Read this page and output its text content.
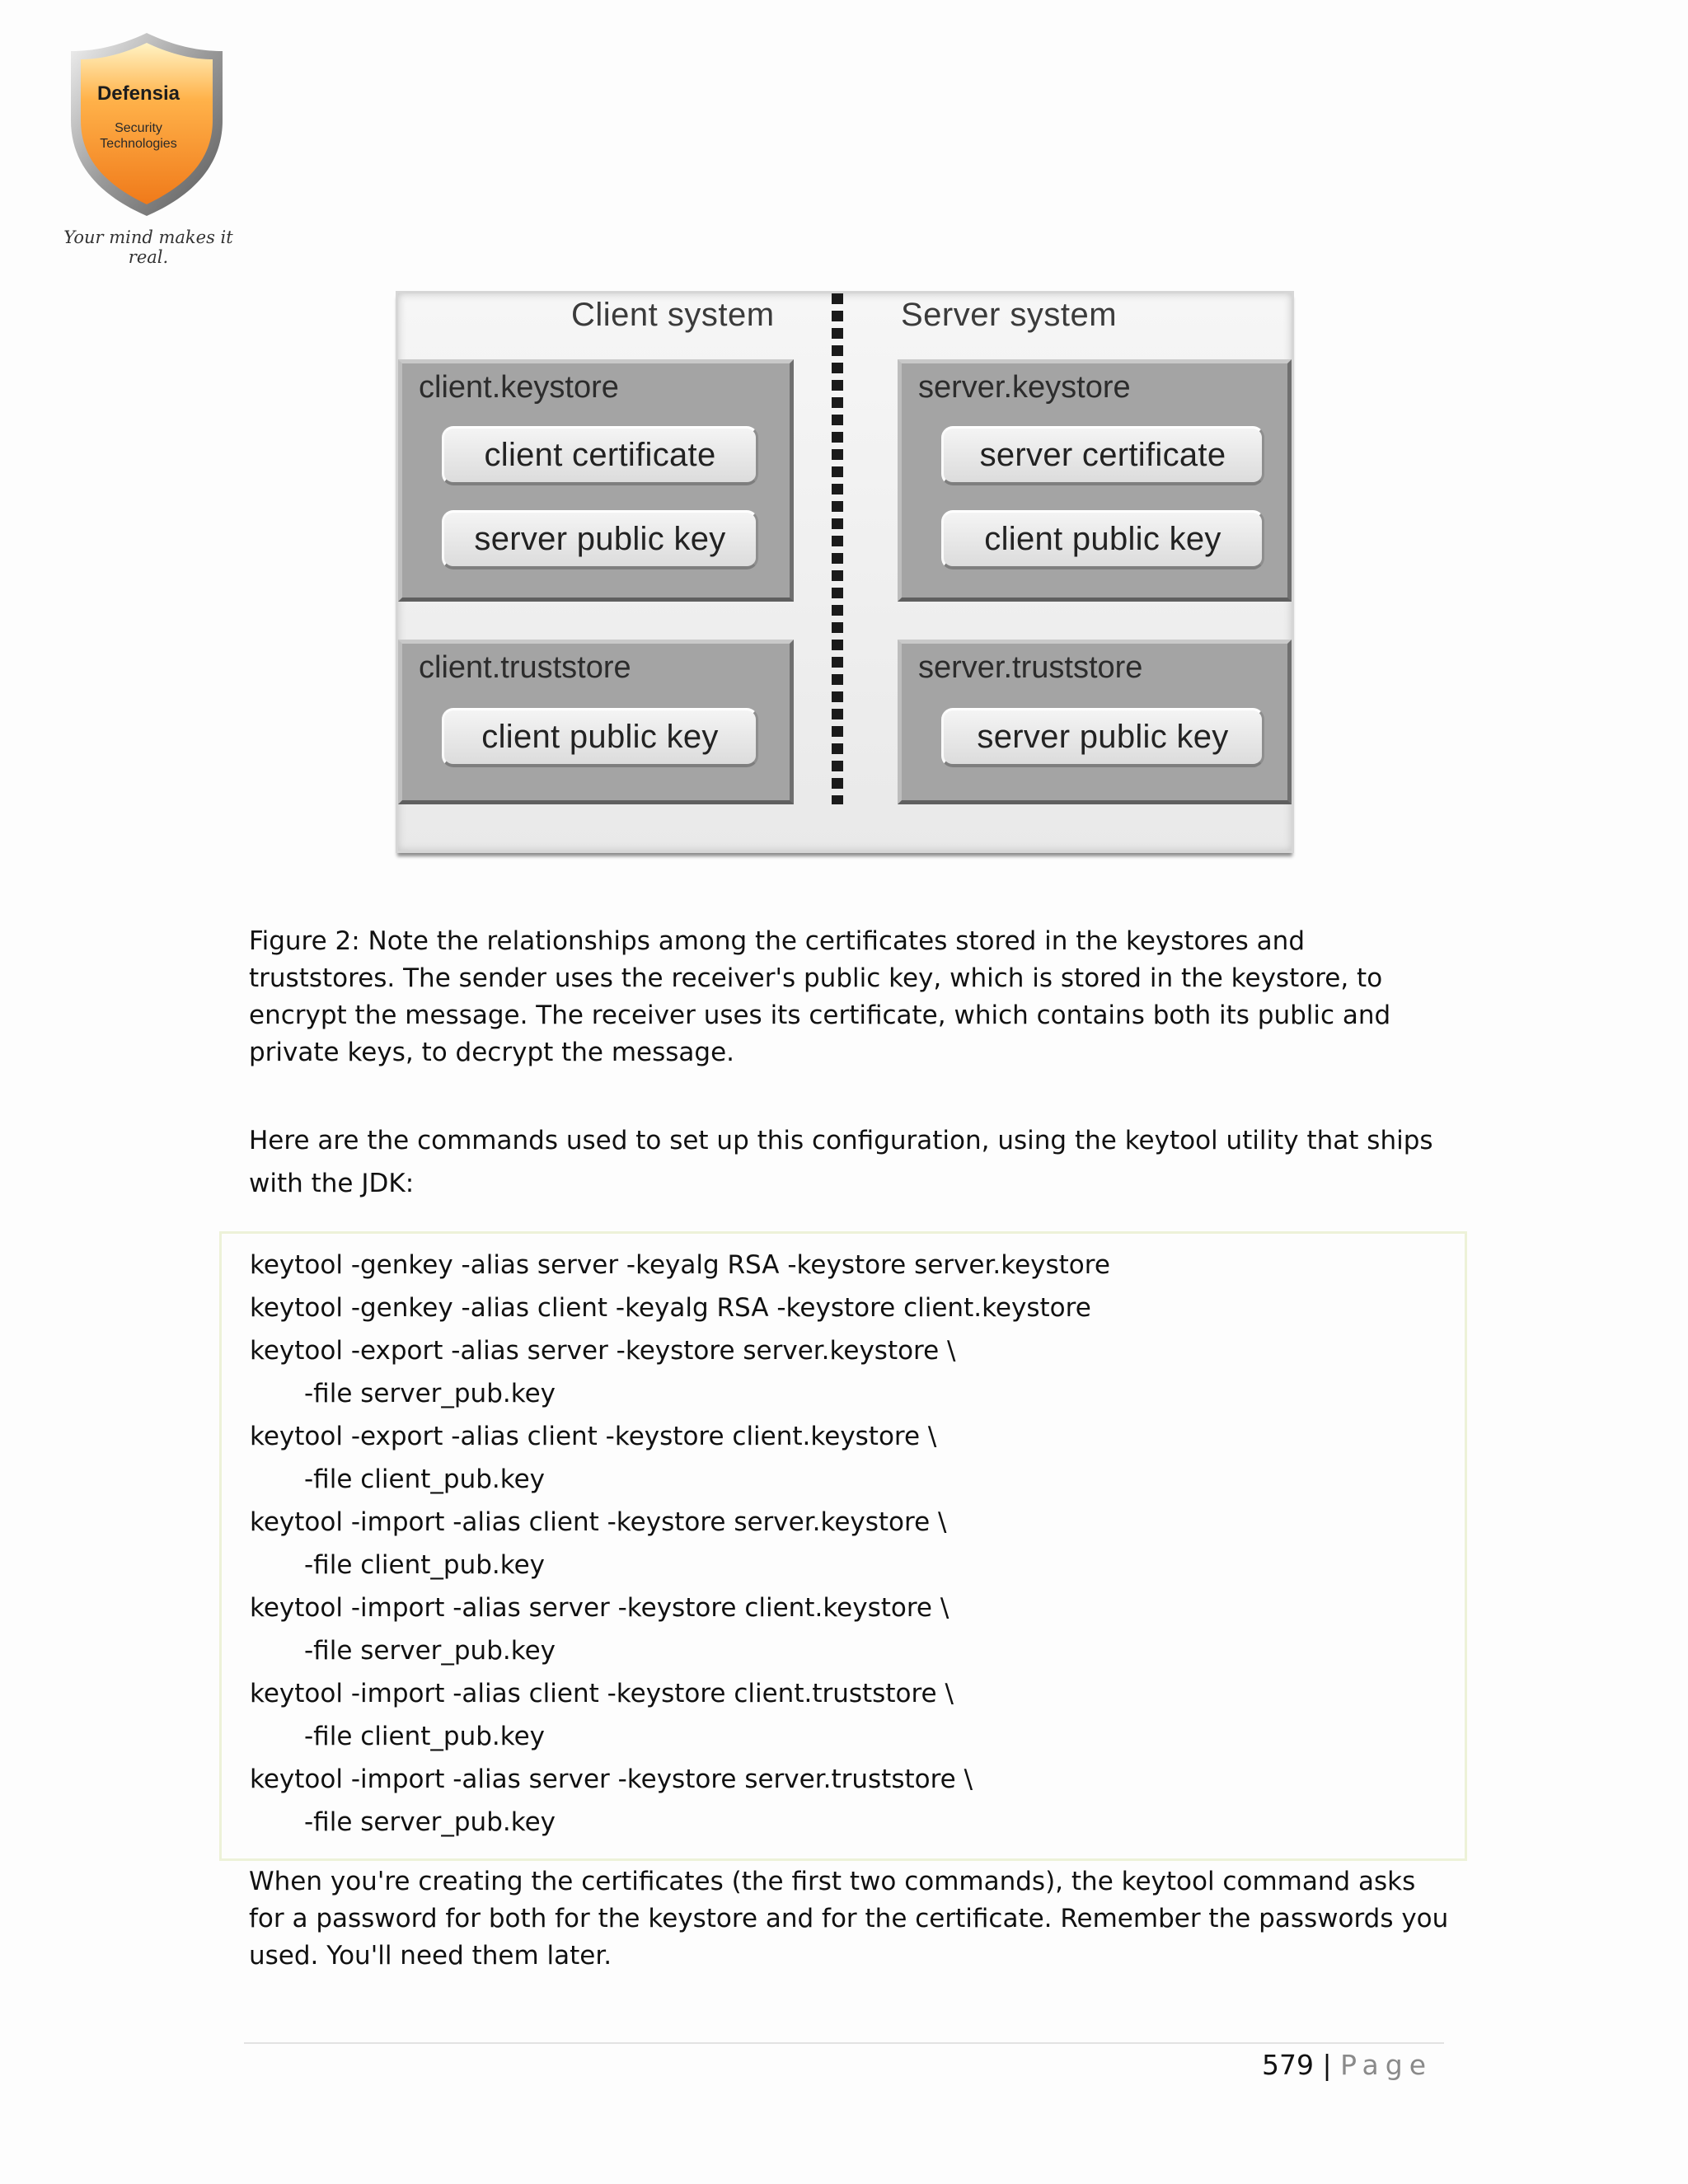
Defensia
Security
Technologies
Your mind makes it real.
Client system	Server system
client.keystore
client certificate
server public key
server.keystore
server certificate
client public key
client.truststore
client public key
server.truststore
server public key
Figure 2: Note the relationships among the certificates stored in the keystores and truststores. The sender uses the receiver's public key, which is stored in the keystore, to encrypt the message. The receiver uses its certificate, which contains both its public and private keys, to decrypt the message.
Here are the commands used to set up this configuration, using the keytool utility that ships with the JDK:
keytool -genkey -alias server -keyalg RSA -keystore server.keystore
keytool -genkey -alias client -keyalg RSA -keystore client.keystore
keytool -export -alias server -keystore server.keystore \
-file server_pub.key
keytool -export -alias client -keystore client.keystore \
-file client_pub.key
keytool -import -alias client -keystore server.keystore \
-file client_pub.key
keytool -import -alias server -keystore client.keystore \
-file server_pub.key
keytool -import -alias client -keystore client.truststore \
-file client_pub.key
keytool -import -alias server -keystore server.truststore \
-file server_pub.key
When you're creating the certificates (the first two commands), the keytool command asks for a password for both for the keystore and for the certificate. Remember the passwords you used. You'll need them later.
579 | Page
